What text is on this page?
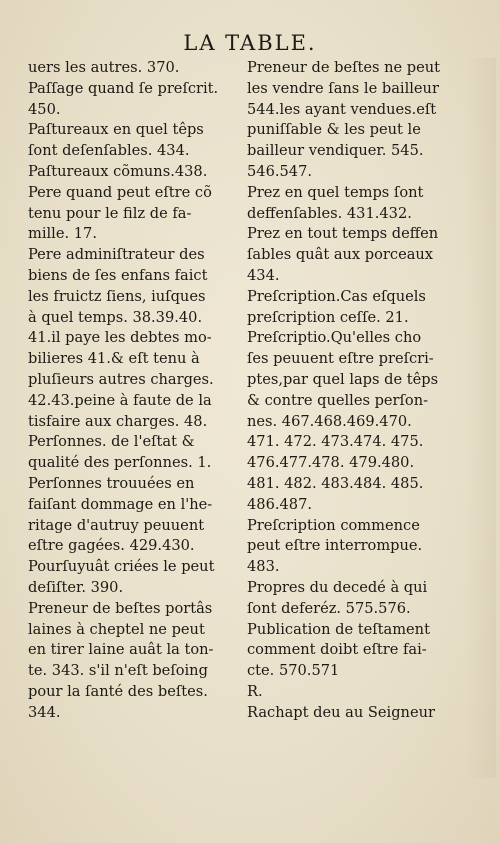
LA TABLE.
uers les autres. 370.
Paſſage quand ſe preſcrit.
450.
Paſtureaux en quel têps
ſont deſenſables. 434.
Paſtureaux cõmuns.438.
Pere quand peut eſtre cõ
tenu pour le filz de fa-
mille. 17.
Pere adminiſtrateur des
biens de ſes enfans faict
les fruictz ſiens, iuſques
à quel temps. 38.39.40.
41.il paye les debtes mo-
bilieres 41.& eſt tenu à
pluſieurs autres charges.
42.43.peine à faute de la
tisfaire aux charges. 48.
Perſonnes. de l'eſtat &
qualité des perſonnes. 1.
Perſonnes trouuées en
faiſant dommage en l'he-
ritage d'autruy peuuent
eſtre gagées. 429.430.
Pourſuyuât criées le peut
deſiſter. 390.
Preneur de beſtes portâs
laines à cheptel ne peut
en tirer laine auât la ton-
te. 343. s'il n'eſt beſoing
pour la ſanté des beſtes.
344.
Preneur de beſtes ne peut
les vendre ſans le bailleur
544.les ayant vendues.eſt
puniſſable & les peut le
bailleur vendiquer. 545.
546.547.
Prez en quel temps ſont
deffenſables. 431.432.
Prez en tout temps deffen
ſables quât aux porceaux
434.
Preſcription.Cas eſquels
preſcription ceſſe. 21.
Preſcriptio.Qu'elles cho
ſes peuuent eſtre preſcri-
ptes,par quel laps de têps
& contre quelles perſon-
nes. 467.468.469.470.
471. 472. 473.474. 475.
476.477.478. 479.480.
481. 482. 483.484. 485.
486.487.
Preſcription commence
peut eſtre interrompue.
483.
Propres du decedé à qui
ſont deferéz. 575.576.
Publication de teſtament
comment doibt eſtre fai-
cte. 570.571
R.
Rachapt deu au Seigneur
